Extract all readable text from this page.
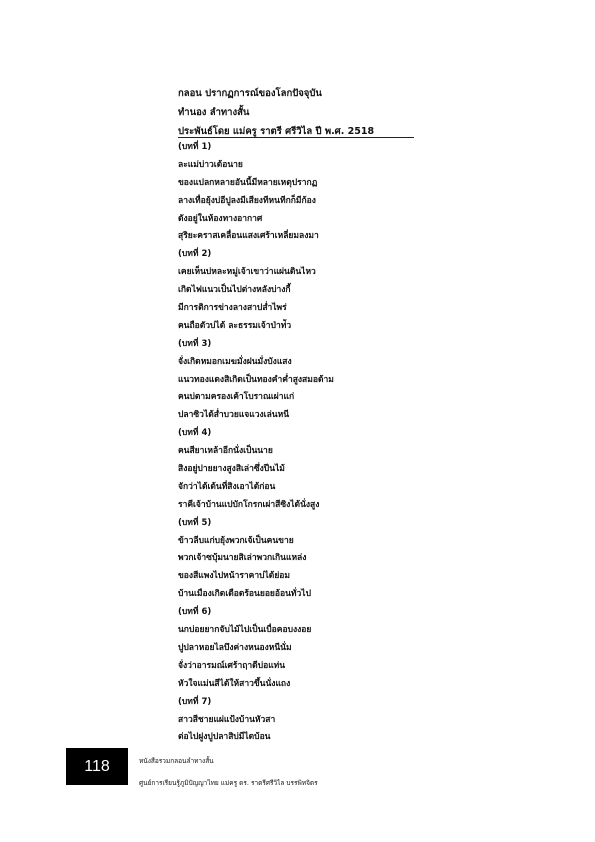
กลอน ปรากฏการณ์ของโลกปัจจุบัน
ทำนอง ลำทางสั้น
ประพันธ์โดย แม่ครู ราตรี ศรีวิไล ปี พ.ศ. 2518
(บทที่ 1)
ละแม่บ่าวเด้อนาย
ของแปลกหลายอันนี้มีหลายเหตุปรากฏ
ลางเทื่อยุ้งบ่อีปูลงมีเสียงทีหนทีกก็มีก้อง
ดังอยู่ในห้องทางอากาศ
สุริยะคราสเคลื่อนแสงเศร้าเหลี่ยมลงมา
(บทที่ 2)
เคยเห็นบ่หละหมู่เจ้าเขาว่าแผ่นดินไหว
เกิดไฟแนวเป็นไปต่างหลังบ่างกี้
มีการติการข่างลางสาปส่ำไพร่
คนถือตัวบ่ได้ ละธรรมเจ้าป่าท่ัว
(บทที่ 3)
จั่งเกิดหมอกเมฆมั่งฝนมั่งบังแสง
แนวทองแดงสิเกิดเป็นทองคำค่ำสูงสมอด้าม
คนบ่ตามครองเค้าโบราณเผ่าแก่
ปลาซิวได้ส่ำบวยแจแวงเล่นหนี
(บทที่ 4)
คนสียาเหล้าอีกนั่งเป็นนาย
สิงอยู่ปายยางสูงสิเล่าซึ่งปีนไม้
จักว่าได้เด้นที่สิงเอาได้ก่อน
ราคีเจ้าบ้านแปบักโกรกเผ่าสีซิงได้นั่งสูง
(บทที่ 5)
ข้าวลีบแก่บยุ้งพวกเจ้เป็นคนขาย
พวกเจ้าซบุ้มนายสิเล่าพวกเกินแหล่ง
ของสีแพงไปหน้าราคาบ่ได้ย่อม
บ้านเมืองเกิดเดือดร้อนยอยอ้อนทั่วไป
(บทที่ 6)
นกบ่อยยากจับไม้ไปเป็นเบื่อคอบงงอย
ปูปลาหอยไลบึงค่างหนองหนีนั่ม
จั่งว่าอารมณ์เศร้าฤาดีบ่อแท่น
หัวใจแม่นสีได้ให้สาวขึ้นนั่งแถง
(บทที่ 7)
สาวสีชายแผ่แป้งบ้านหัวสา
ต่อไปฝูงปูปลาสิบ่มีไดบ้อน
118	หนังสือรวมกลอนลำทางสั้น
ศูนย์การเรียนรู้ภูมิปัญญาไทย แม่ครู ดร. ราตรีศรีวิไล บรรพิทจิตร
